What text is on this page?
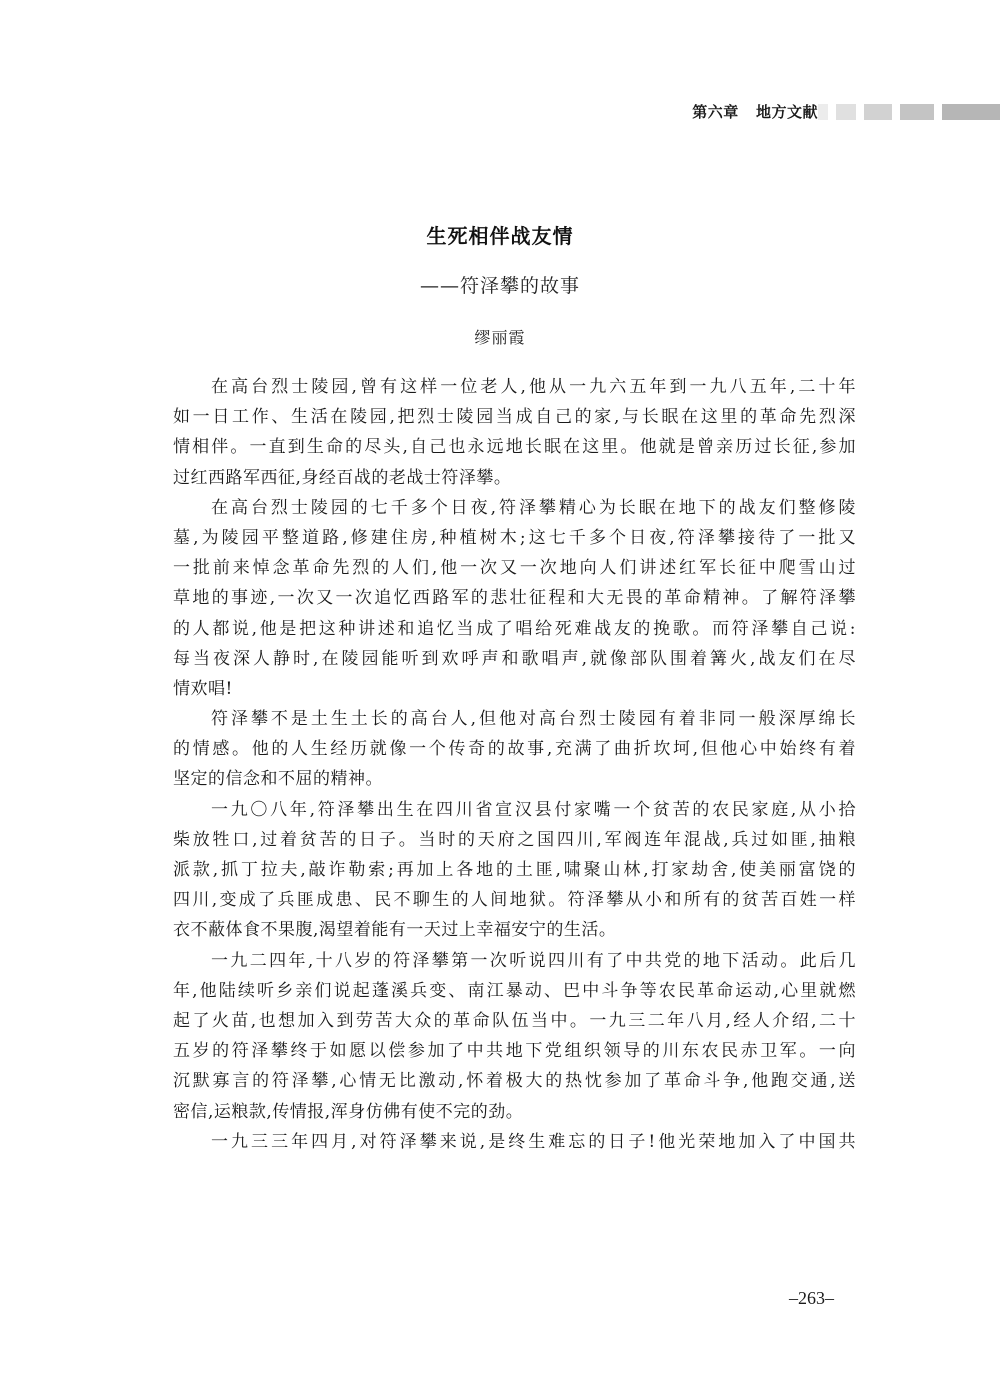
第六章 地方文献
生死相伴战友情
——符泽攀的故事
缪丽霞
在高台烈士陵园,曾有这样一位老人,他从一九六五年到一九八五年,二十年
如一日工作、生活在陵园,把烈士陵园当成自己的家,与长眠在这里的革命先烈深
情相伴。一直到生命的尽头,自己也永远地长眠在这里。他就是曾亲历过长征,参加
过红西路军西征,身经百战的老战士符泽攀。
在高台烈士陵园的七千多个日夜,符泽攀精心为长眠在地下的战友们整修陵
墓,为陵园平整道路,修建住房,种植树木;这七千多个日夜,符泽攀接待了一批又
一批前来悼念革命先烈的人们,他一次又一次地向人们讲述红军长征中爬雪山过
草地的事迹,一次又一次追忆西路军的悲壮征程和大无畏的革命精神。了解符泽攀
的人都说,他是把这种讲述和追忆当成了唱给死难战友的挽歌。而符泽攀自己说:
每当夜深人静时,在陵园能听到欢呼声和歌唱声,就像部队围着篝火,战友们在尽
情欢唱!
符泽攀不是土生土长的高台人,但他对高台烈士陵园有着非同一般深厚绵长
的情感。他的人生经历就像一个传奇的故事,充满了曲折坎坷,但他心中始终有着
坚定的信念和不屈的精神。
一九〇八年,符泽攀出生在四川省宣汉县付家嘴一个贫苦的农民家庭,从小拾
柴放牲口,过着贫苦的日子。当时的天府之国四川,军阀连年混战,兵过如匪,抽粮
派款,抓丁拉夫,敲诈勒索;再加上各地的土匪,啸聚山林,打家劫舍,使美丽富饶的
四川,变成了兵匪成患、民不聊生的人间地狱。符泽攀从小和所有的贫苦百姓一样
衣不蔽体食不果腹,渴望着能有一天过上幸福安宁的生活。
一九二四年,十八岁的符泽攀第一次听说四川有了中共党的地下活动。此后几
年,他陆续听乡亲们说起蓬溪兵变、南江暴动、巴中斗争等农民革命运动,心里就燃
起了火苗,也想加入到劳苦大众的革命队伍当中。一九三二年八月,经人介绍,二十
五岁的符泽攀终于如愿以偿参加了中共地下党组织领导的川东农民赤卫军。一向
沉默寡言的符泽攀,心情无比激动,怀着极大的热忱参加了革命斗争,他跑交通,送
密信,运粮款,传情报,浑身仿佛有使不完的劲。
一九三三年四月,对符泽攀来说,是终生难忘的日子!他光荣地加入了中国共
–263–
